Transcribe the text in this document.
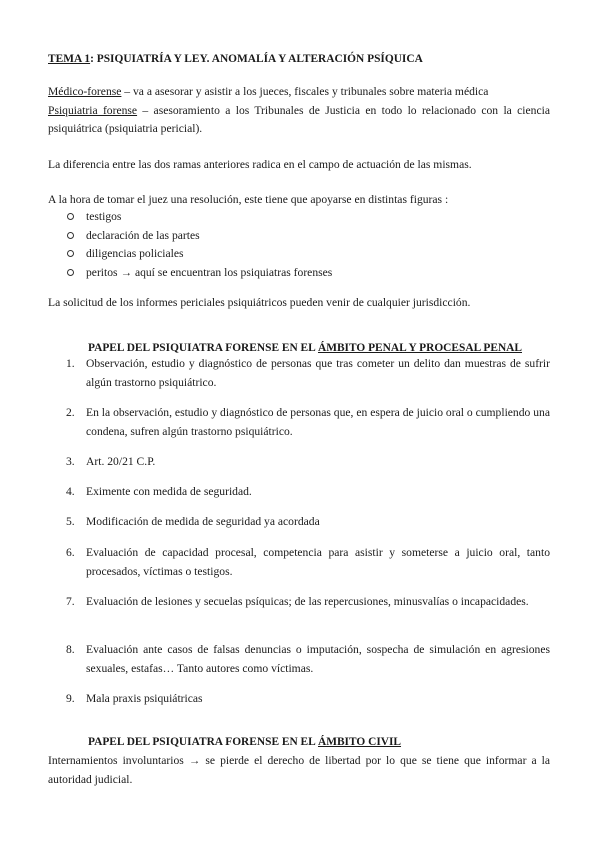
TEMA 1: PSIQUIATRÍA Y LEY. ANOMALÍA Y ALTERACIÓN PSÍQUICA

Médico-forense – va a asesorar y asistir a los jueces, fiscales y tribunales sobre materia médica
Psiquiatria forense – asesoramiento a los Tribunales de Justicia en todo lo relacionado con la ciencia psiquiátrica (psiquiatria pericial).

La diferencia entre las dos ramas anteriores radica en el campo de actuación de las mismas.

A la hora de tomar el juez una resolución, este tiene que apoyarse en distintas figuras :

testigos
declaración de las partes
diligencias policiales
peritos → aquí se encuentran los psiquiatras forenses

La solicitud de los informes periciales psiquiátricos pueden venir de cualquier jurisdicción.

PAPEL DEL PSIQUIATRA FORENSE EN EL ÁMBITO PENAL Y PROCESAL PENAL

1. Observación, estudio y diagnóstico de personas que tras cometer un delito dan muestras de sufrir algún trastorno psiquiátrico.
2. En la observación, estudio y diagnóstico de personas que, en espera de juicio oral o cumpliendo una condena, sufren algún trastorno psiquiátrico.
3. Art. 20/21 C.P.
4. Eximente con medida de seguridad.
5. Modificación de medida de seguridad ya acordada
6. Evaluación de capacidad procesal, competencia para asistir y someterse a juicio oral, tanto procesados, víctimas o testigos.
7. Evaluación de lesiones y secuelas psíquicas; de las repercusiones, minusvalías o incapacidades.
8. Evaluación ante casos de falsas denuncias o imputación, sospecha de simulación en agresiones sexuales, estafas… Tanto autores como víctimas.
9. Mala praxis psiquiátricas

PAPEL DEL PSIQUIATRA FORENSE EN EL ÁMBITO CIVIL

Internamientos involuntarios → se pierde el derecho de libertad por lo que se tiene que informar a la autoridad judicial.
